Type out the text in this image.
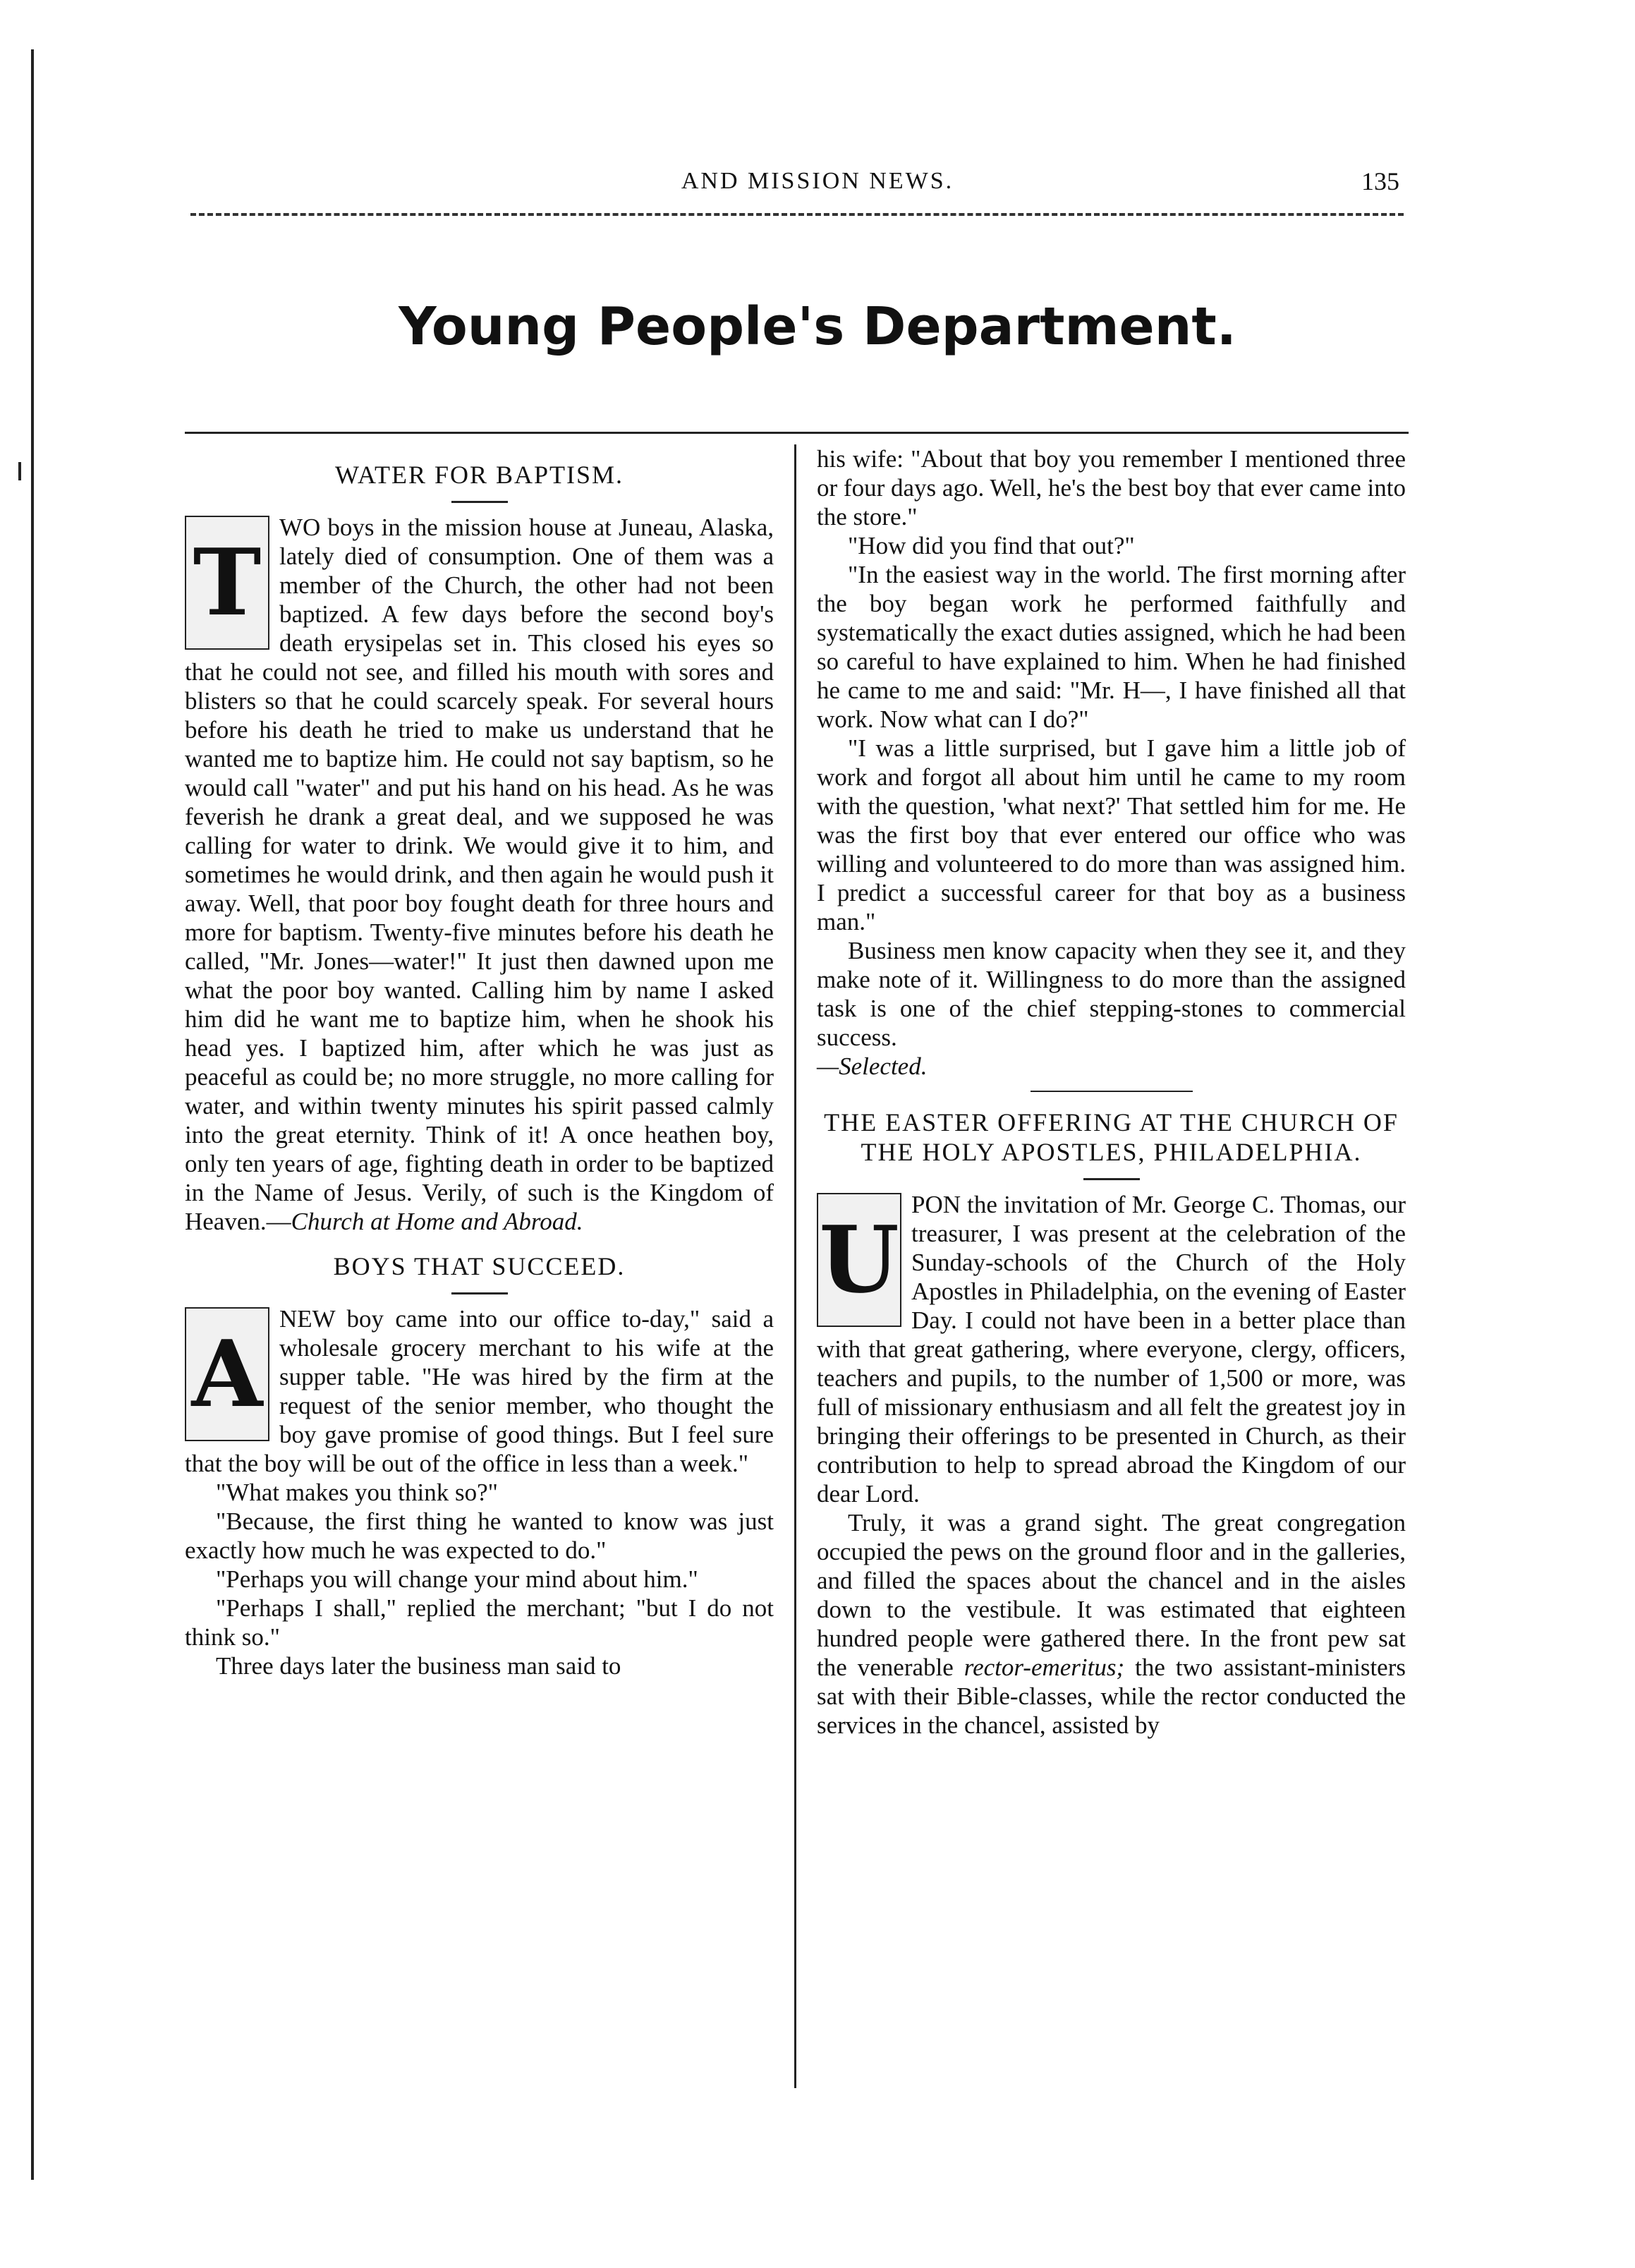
AND MISSION NEWS.	135
Young People's Department.
WATER FOR BAPTISM.

T
WO boys in the mission house at Juneau, Alaska, lately died of consumption. One of them was a member of the Church, the other had not been baptized. A few days before the second boy's death erysipelas set in. This closed his eyes so that he could not see, and filled his mouth with sores and blisters so that he could scarcely speak. For several hours before his death he tried to make us understand that he wanted me to baptize him. He could not say baptism, so he would call "water" and put his hand on his head. As he was feverish he drank a great deal, and we supposed he was calling for water to drink. We would give it to him, and sometimes he would drink, and then again he would push it away. Well, that poor boy fought death for three hours and more for baptism. Twenty-five minutes before his death he called, "Mr. Jones—water!" It just then dawned upon me what the poor boy wanted. Calling him by name I asked him did he want me to baptize him, when he shook his head yes. I baptized him, after which he was just as peaceful as could be; no more struggle, no more calling for water, and within twenty minutes his spirit passed calmly into the great eternity. Think of it! A once heathen boy, only ten years of age, fighting death in order to be baptized in the Name of Jesus. Verily, of such is the Kingdom of Heaven.—Church at Home and Abroad.

BOYS THAT SUCCEED.

A
NEW boy came into our office to-day," said a wholesale grocery merchant to his wife at the supper table. "He was hired by the firm at the request of the senior member, who thought the boy gave promise of good things. But I feel sure that the boy will be out of the office in less than a week."

"What makes you think so?"

"Because, the first thing he wanted to know was just exactly how much he was expected to do."

"Perhaps you will change your mind about him."

"Perhaps I shall," replied the merchant; "but I do not think so."

Three days later the business man said to

his wife: "About that boy you remember I mentioned three or four days ago. Well, he's the best boy that ever came into the store."

"How did you find that out?"

"In the easiest way in the world. The first morning after the boy began work he performed faithfully and systematically the exact duties assigned, which he had been so careful to have explained to him. When he had finished he came to me and said: "Mr. H—, I have finished all that work. Now what can I do?"

"I was a little surprised, but I gave him a little job of work and forgot all about him until he came to my room with the question, 'what next?' That settled him for me. He was the first boy that ever entered our office who was willing and volunteered to do more than was assigned him. I predict a successful career for that boy as a business man."

Business men know capacity when they see it, and they make note of it. Willingness to do more than the assigned task is one of the chief stepping-stones to commercial success.
—Selected.

THE EASTER OFFERING AT THE CHURCH OF THE HOLY APOSTLES, PHILADELPHIA.

U
PON the invitation of Mr. George C. Thomas, our treasurer, I was present at the celebration of the Sunday-schools of the Church of the Holy Apostles in Philadelphia, on the evening of Easter Day. I could not have been in a better place than with that great gathering, where everyone, clergy, officers, teachers and pupils, to the number of 1,500 or more, was full of missionary enthusiasm and all felt the greatest joy in bringing their offerings to be presented in Church, as their contribution to help to spread abroad the Kingdom of our dear Lord.

Truly, it was a grand sight. The great congregation occupied the pews on the ground floor and in the galleries, and filled the spaces about the chancel and in the aisles down to the vestibule. It was estimated that eighteen hundred people were gathered there. In the front pew sat the venerable rector-emeritus; the two assistant-ministers sat with their Bible-classes, while the rector conducted the services in the chancel, assisted by
